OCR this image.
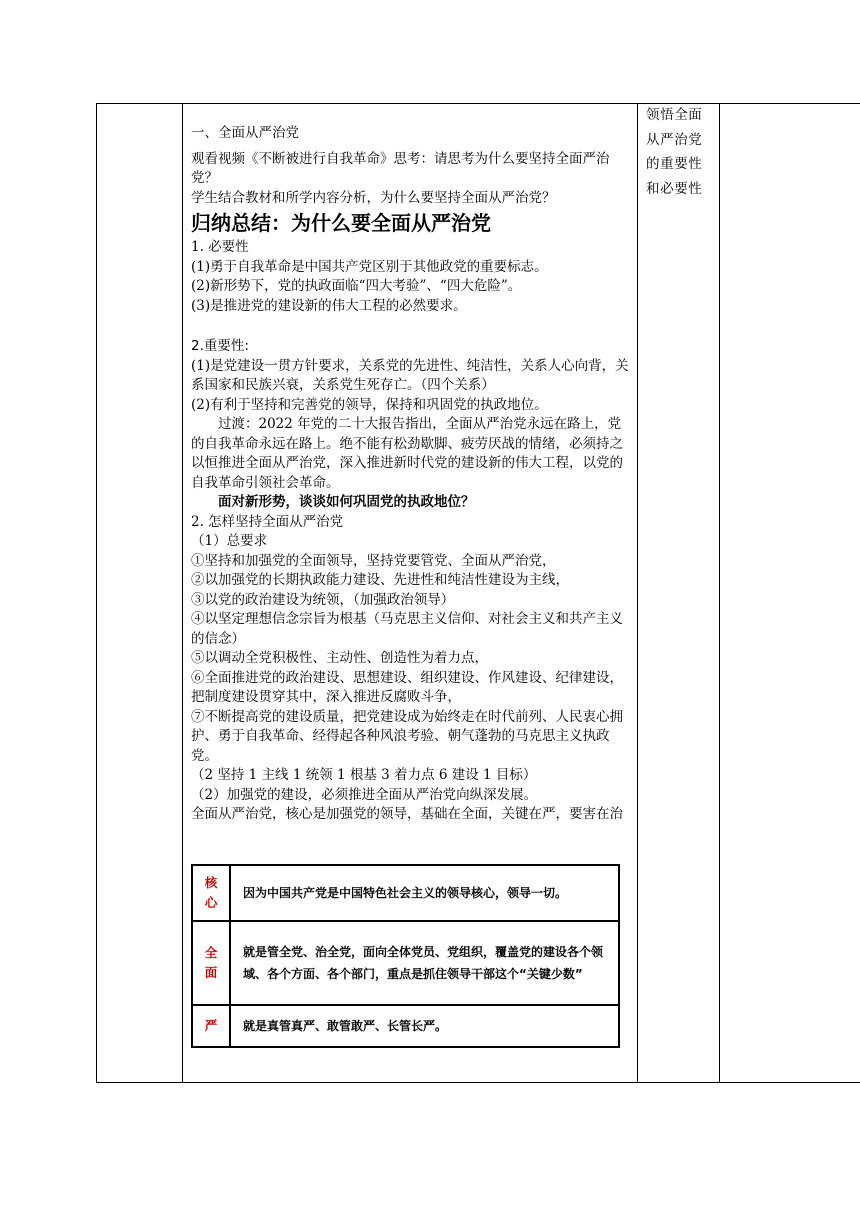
领悟全面
从严治党
的重要性
和必要性

一、全面从严治党

观看视频《不断被进行自我革命》思考：请思考为什么要坚持全面严治党？

学生结合教材和所学内容分析，为什么要坚持全面从严治党？

归纳总结：为什么要全面从严治党

1. 必要性

(1)勇于自我革命是中国共产党区别于其他政党的重要标志。

(2)新形势下，党的执政面临“四大考验”、“四大危险”。

(3)是推进党的建设新的伟大工程的必然要求。

2.重要性:

(1)是党建设一贯方针要求，关系党的先进性、纯洁性，关系人心向背，关系国家和民族兴衰，关系党生死存亡。（四个关系）

(2)有利于坚持和完善党的领导，保持和巩固党的执政地位。

过渡：2022 年党的二十大报告指出，全面从严治党永远在路上，党的自我革命永远在路上。绝不能有松劲歇脚、疲劳厌战的情绪，必须持之以恒推进全面从严治党，深入推进新时代党的建设新的伟大工程，以党的自我革命引领社会革命。

面对新形势，谈谈如何巩固党的执政地位？

2. 怎样坚持全面从严治党

（1）总要求

①坚持和加强党的全面领导，坚持党要管党、全面从严治党，

②以加强党的长期执政能力建设、先进性和纯洁性建设为主线，

③以党的政治建设为统领，（加强政治领导）

④以坚定理想信念宗旨为根基（马克思主义信仰、对社会主义和共产主义的信念）

⑤以调动全党积极性、主动性、创造性为着力点，

⑥全面推进党的政治建设、思想建设、组织建设、作风建设、纪律建设，把制度建设贯穿其中，深入推进反腐败斗争，

⑦不断提高党的建设质量，把党建设成为始终走在时代前列、人民衷心拥护、勇于自我革命、经得起各种风浪考验、朝气蓬勃的马克思主义执政党。

（2 坚持 1 主线 1 统领 1 根基 3 着力点 6 建设 1 目标）

（2）加强党的建设，必须推进全面从严治党向纵深发展。

全面从严治党，核心是加强党的领导，基础在全面，关键在严，要害在治

核
心	因为中国共产党是中国特色社会主义的领导核心，领导一切。
全
面	就是管全党、治全党，面向全体党员、党组织，覆盖党的建设各个领域、各个方面、各个部门，重点是抓住领导干部这个“关键少数”
严	就是真管真严、敢管敢严、长管长严。
